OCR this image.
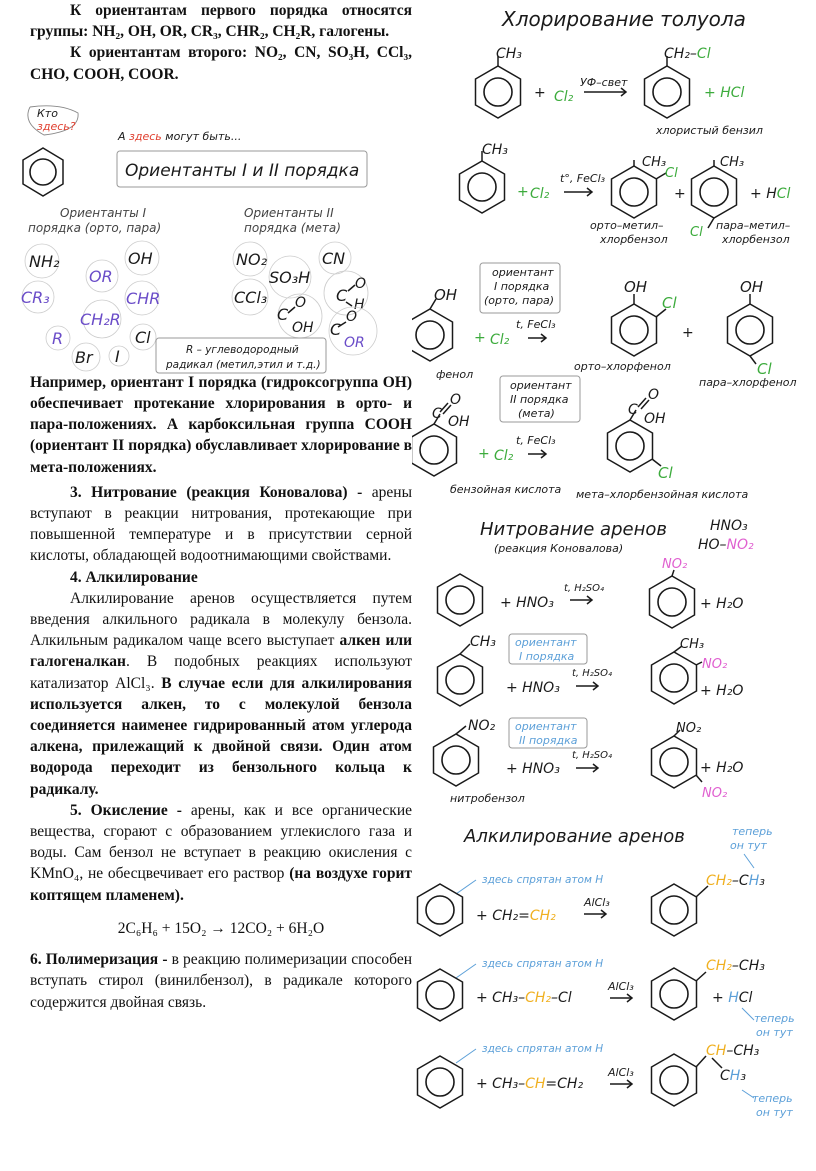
К ориентантам первого порядка относятся группы: NH₂, OH, OR, CR₃, CHR₂, CH₂R, галогены.

К ориентантам второго: NO₂, CN, SO₃H, CCl₃, CHO, COOH, COOR.

Например, ориентант I порядка (гидроксогруппа OH) обеспечивает протекание хлорирования в орто- и пара-положениях. А карбоксильная группа COOH (ориентант II порядка) обуславливает хлорирование в мета-положениях.

3. Нитрование (реакция Коновалова) - арены вступают в реакции нитрования, протекающие при повышенной температуре и в присутствии серной кислоты, обладающей водоотнимающими свойствами.

4. Алкилирование

Алкилирование аренов осуществляется путем введения алкильного радикала в молекулу бензола. Алкильным радикалом чаще всего выступает алкен или галогеналкан. В подобных реакциях используют катализатор AlCl₃. В случае если для алкилирования используется алкен, то с молекулой бензола соединяется наименее гидрированный атом углерода алкена, прилежащий к двойной связи. Один атом водорода переходит из бензольного кольца к радикалу.

5. Окисление - арены, как и все органические вещества, сгорают с образованием углекислого газа и воды. Сам бензол не вступает в реакцию окисления с KMnO₄, не обесцвечивает его раствор (на воздухе горит коптящем пламенем).

2C₆H₆ + 15O₂ → 12CO₂ + 6H₂O

6. Полимеризация - в реакцию полимеризации способен вступать стирол (винилбензол), в радикале которого содержится двойная связь.

Кто
здесь?
А здесь могут быть...
Ориентанты I и II порядка
Ориентанты I
порядка (орто, пара)
Ориентанты II
порядка (мета)
NH₂	OH
OR
CR₃	CHR
CH₂R
R	Cl
Br I
NO₂	CN
SO₃H
CCl₃
O
C H
C
O
OH C
O
OR
R – углеводородный
радикал (метил,этил и т.д.)
Хлорирование толуола
CH₃
+ Cl₂
УФ–свет
CH₂–Cl
+ HCl
хлористый бензил
CH₃
+ Cl₂
t°, FeCl₃
CH₃
Cl
+
CH₃
Cl
+ HCl
орто–метил–
хлорбензол
пара–метил–
хлорбензол
OH
фенол
ориентант
I порядка
(орто, пара)
+ Cl₂
t, FeCl₃
OH
Cl
+
OH
Cl
орто–хлорфенол
пара–хлорфенол
C
O
OH
бензойная кислота
ориентант
II порядка
(мета)
+ Cl₂
t, FeCl₃
C
O
OH
Cl
мета–хлорбензойная кислота
Нитрование аренов
(реакция Коновалова)
HNO₃
HO–NO₂
+ HNO₃
t, H₂SO₄
NO₂
+ H₂O
CH₃ ориентант
I порядка
+ HNO₃
t, H₂SO₄
CH₃
NO₂
+ H₂O
NO₂ ориентант
II порядка
+ HNO₃
t, H₂SO₄
NO₂
NO₂
+ H₂O
нитробензол
Алкилирование аренов	теперь
он тут
здесь спрятан атом H
+ CH₂=CH₂
AlCl₃
CH₂–CH₃
здесь спрятан атом H
+ CH₃–CH₂–Cl
AlCl₃
CH₂–CH₃
+ HCl
теперь
он тут
здесь спрятан атом H
+ CH₃–CH=CH₂
AlCl₃
CH–CH₃
CH₃
теперь
он тут
